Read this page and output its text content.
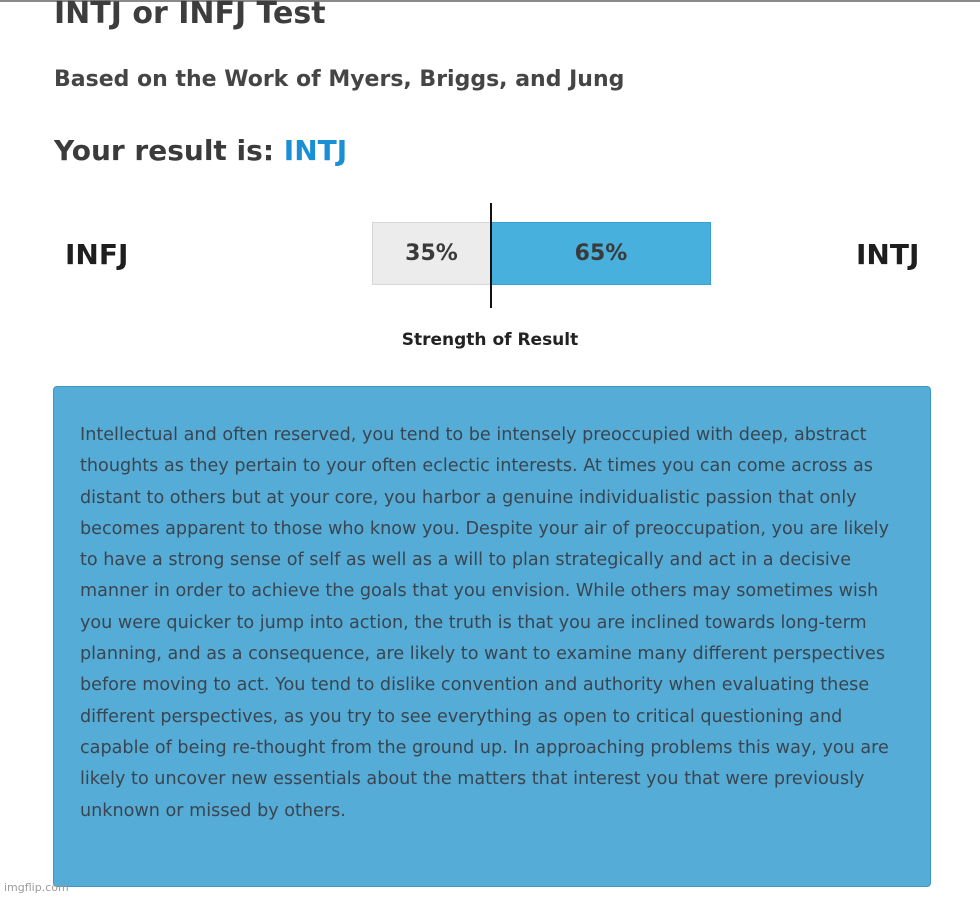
INTJ or INFJ Test
Based on the Work of Myers, Briggs, and Jung
Your result is: INTJ
INFJ	INTJ
35%	65%
Strength of Result

Intellectual and often reserved, you tend to be intensely preoccupied with deep, abstract thoughts as they pertain to your often eclectic interests. At times you can come across as distant to others but at your core, you harbor a genuine individualistic passion that only becomes apparent to those who know you. Despite your air of preoccupation, you are likely to have a strong sense of self as well as a will to plan strategically and act in a decisive manner in order to achieve the goals that you envision. While others may sometimes wish you were quicker to jump into action, the truth is that you are inclined towards long-term planning, and as a consequence, are likely to want to examine many different perspectives before moving to act. You tend to dislike convention and authority when evaluating these different perspectives, as you try to see everything as open to critical questioning and capable of being re-thought from the ground up. In approaching problems this way, you are likely to uncover new essentials about the matters that interest you that were previously unknown or missed by others.

imgflip.com
